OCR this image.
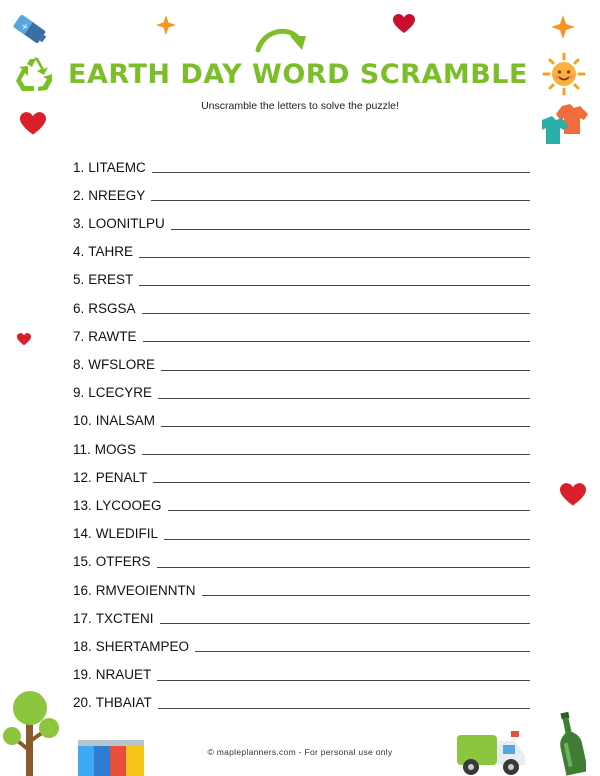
+
EARTH DAY WORD SCRAMBLE
Unscramble the letters to solve the puzzle!
1. LITAEMC
2. NREEGY
3. LOONITLPU
4. TAHRE
5. EREST
6. RSGSA
7. RAWTE
8. WFSLORE
9. LCECYRE
10. INALSAM
11. MOGS
12. PENALT
13. LYCOOEG
14. WLEDIFIL
15. OTFERS
16. RMVEOIENNTN
17. TXCTENI
18. SHERTAMPEO
19. NRAUET
20. THBAIAT
© mapleplanners.com - For personal use only
